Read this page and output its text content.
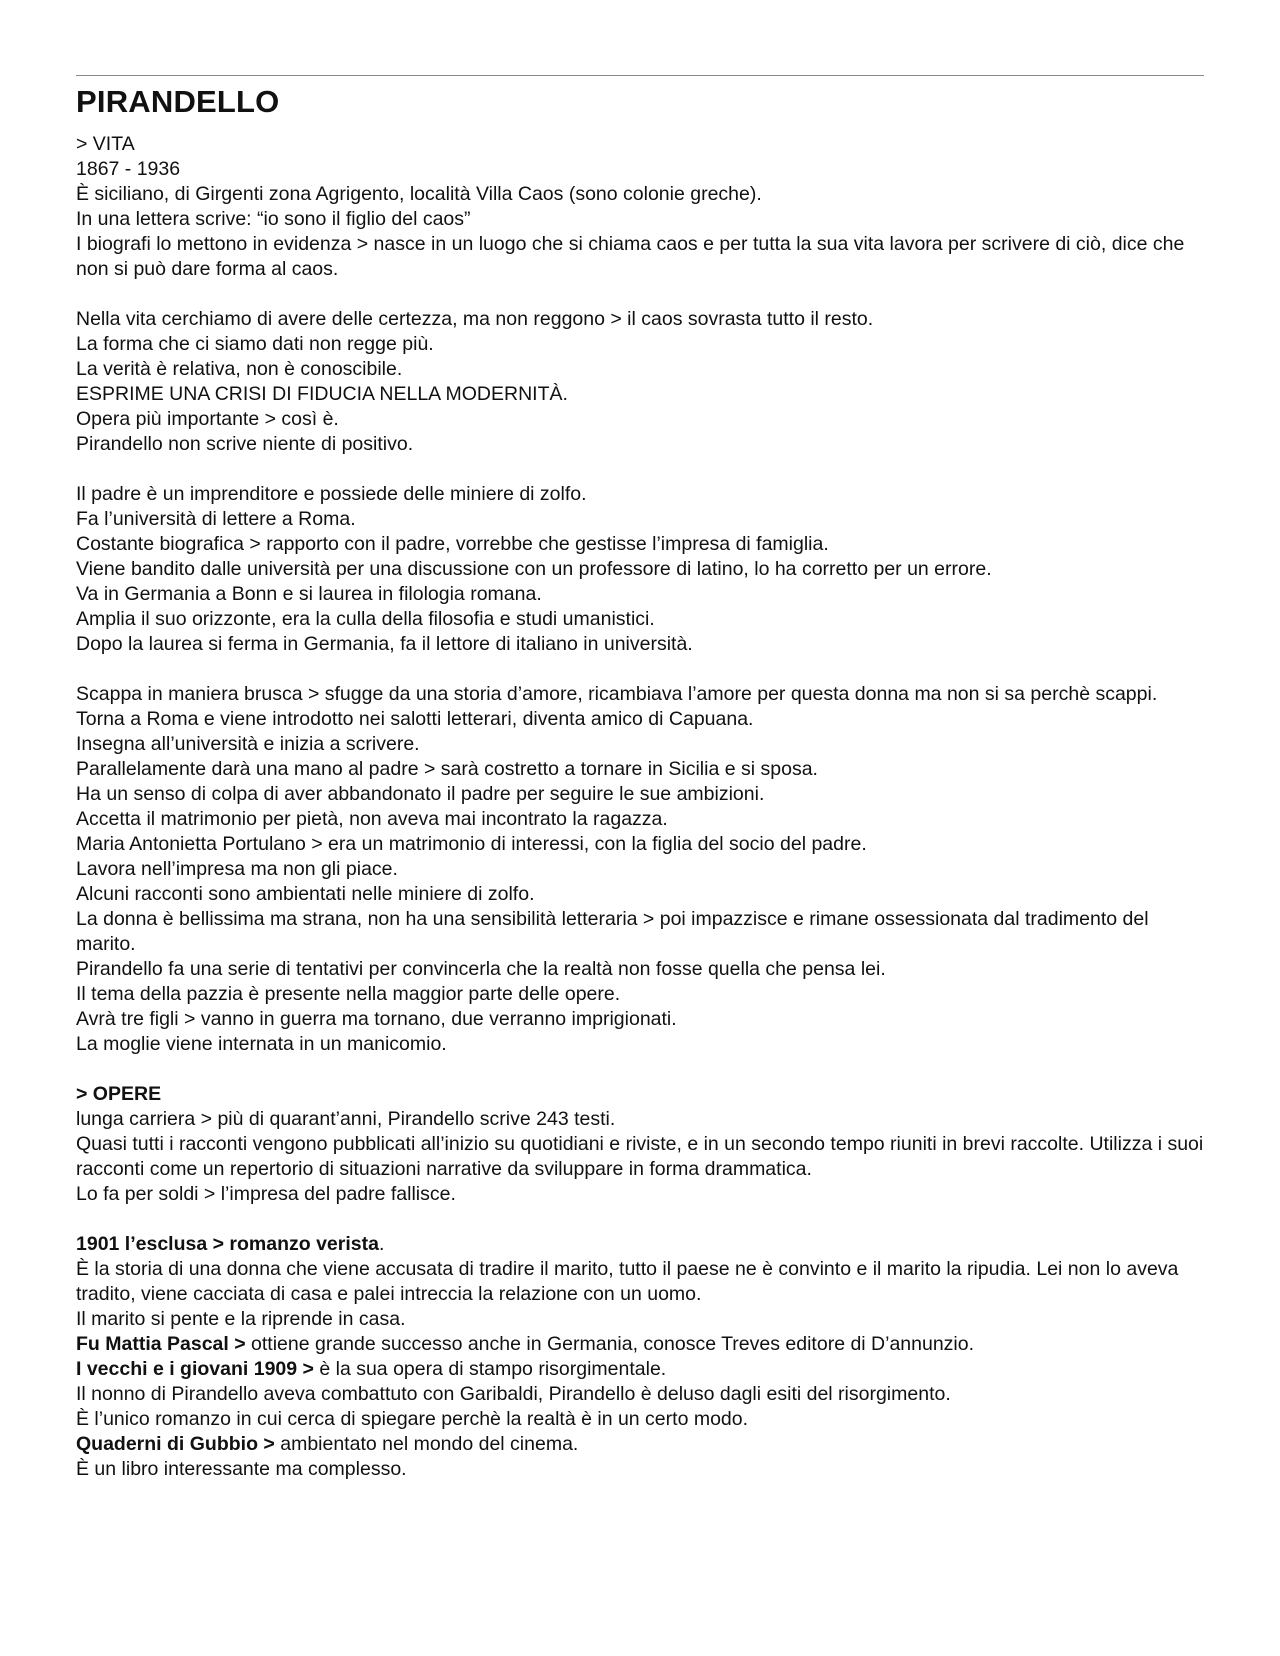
PIRANDELLO
> VITA
1867 - 1936
È siciliano, di Girgenti zona Agrigento, località Villa Caos (sono colonie greche).
In una lettera scrive: “io sono il figlio del caos”
I biografi lo mettono in evidenza > nasce in un luogo che si chiama caos e per tutta la sua vita lavora per scrivere di ciò, dice che non si può dare forma al caos.
Nella vita cerchiamo di avere delle certezza, ma non reggono > il caos sovrasta tutto il resto.
La forma che ci siamo dati non regge più.
La verità è relativa, non è conoscibile.
ESPRIME UNA CRISI DI FIDUCIA NELLA MODERNITÀ.
Opera più importante > così è.
Pirandello non scrive niente di positivo.
Il padre è un imprenditore e possiede delle miniere di zolfo.
Fa l’università di lettere a Roma.
Costante biografica > rapporto con il padre, vorrebbe che gestisse l’impresa di famiglia.
Viene bandito dalle università per una discussione con un professore di latino, lo ha corretto per un errore.
Va in Germania a Bonn e si laurea in filologia romana.
Amplia il suo orizzonte, era la culla della filosofia e studi umanistici.
Dopo la laurea si ferma in Germania, fa il lettore di italiano in università.
Scappa in maniera brusca > sfugge da una storia d’amore, ricambiava l’amore per questa donna ma non si sa perchè scappi.
Torna a Roma e viene introdotto nei salotti letterari, diventa amico di Capuana.
Insegna all’università e inizia a scrivere.
Parallelamente darà una mano al padre > sarà costretto a tornare in Sicilia e si sposa.
Ha un senso di colpa di aver abbandonato il padre per seguire le sue ambizioni.
Accetta il matrimonio per pietà, non aveva mai incontrato la ragazza.
Maria Antonietta Portulano > era un matrimonio di interessi, con la figlia del socio del padre.
Lavora nell’impresa ma non gli piace.
Alcuni racconti sono ambientati nelle miniere di zolfo.
La donna è bellissima ma strana, non ha una sensibilità letteraria > poi impazzisce e rimane ossessionata dal tradimento del marito.
Pirandello fa una serie di tentativi per convincerla che la realtà non fosse quella che pensa lei.
Il tema della pazzia è presente nella maggior parte delle opere.
Avrà tre figli > vanno in guerra ma tornano, due verranno imprigionati.
La moglie viene internata in un manicomio.
> OPERE
lunga carriera > più di quarant’anni, Pirandello scrive 243 testi.
Quasi tutti i racconti vengono pubblicati all’inizio su quotidiani e riviste, e in un secondo tempo riuniti in brevi raccolte. Utilizza i suoi racconti come un repertorio di situazioni narrative da sviluppare in forma drammatica.
Lo fa per soldi > l’impresa del padre fallisce.
1901 l’esclusa > romanzo verista.
È la storia di una donna che viene accusata di tradire il marito, tutto il paese ne è convinto e il marito la ripudia. Lei non lo aveva tradito, viene cacciata di casa e palei intreccia la relazione con un uomo.
Il marito si pente e la riprende in casa.
Fu Mattia Pascal > ottiene grande successo anche in Germania, conosce Treves editore di D’annunzio.
I vecchi e i giovani 1909 > è la sua opera di stampo risorgimentale.
Il nonno di Pirandello aveva combattuto con Garibaldi, Pirandello è deluso dagli esiti del risorgimento.
È l’unico romanzo in cui cerca di spiegare perchè la realtà è in un certo modo.
Quaderni di Gubbio > ambientato nel mondo del cinema.
È un libro interessante ma complesso.
